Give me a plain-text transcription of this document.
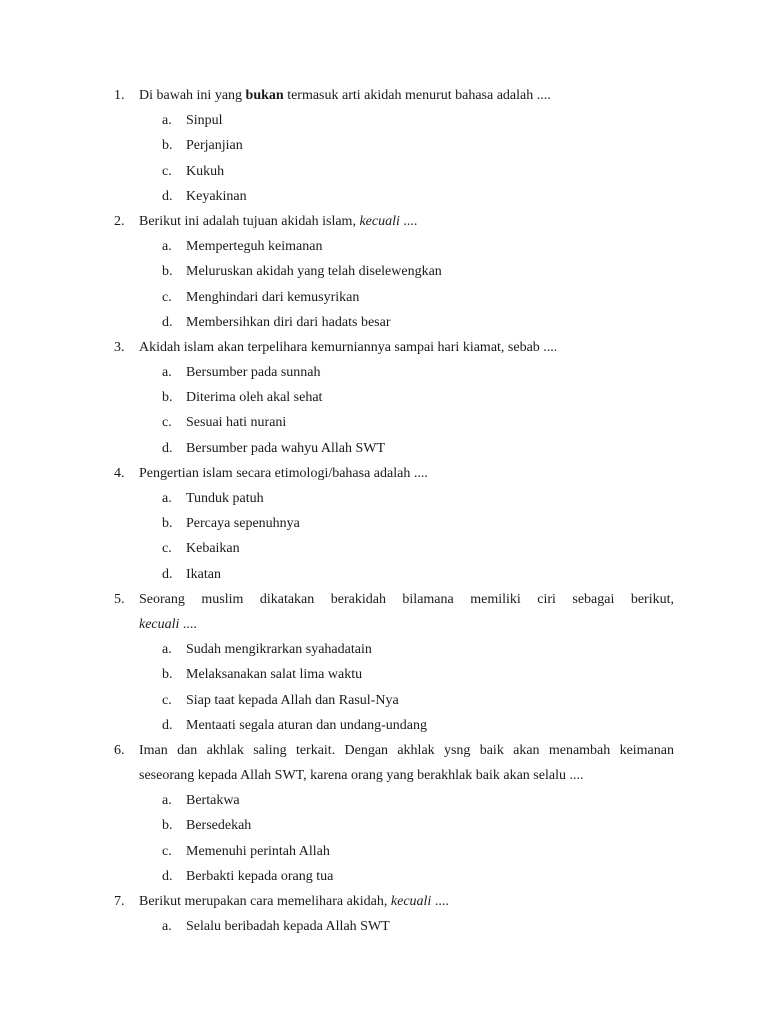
1. Di bawah ini yang bukan termasuk arti akidah menurut bahasa adalah ....
a. Sinpul
b. Perjanjian
c. Kukuh
d. Keyakinan
2. Berikut ini adalah tujuan akidah islam, kecuali ....
a. Memperteguh keimanan
b. Meluruskan akidah yang telah diselewengkan
c. Menghindari dari kemusyrikan
d. Membersihkan diri dari hadats besar
3. Akidah islam akan terpelihara kemurniannya sampai hari kiamat, sebab ....
a. Bersumber pada sunnah
b. Diterima oleh akal sehat
c. Sesuai hati nurani
d. Bersumber pada wahyu Allah SWT
4. Pengertian islam secara etimologi/bahasa adalah ....
a. Tunduk patuh
b. Percaya sepenuhnya
c. Kebaikan
d. Ikatan
5. Seorang muslim dikatakan berakidah bilamana memiliki ciri sebagai berikut,
kecuali ....
a. Sudah mengikrarkan syahadatain
b. Melaksanakan salat lima waktu
c. Siap taat kepada Allah dan Rasul-Nya
d. Mentaati segala aturan dan undang-undang
6. Iman dan akhlak saling terkait. Dengan akhlak ysng baik akan menambah keimanan
seseorang kepada Allah SWT, karena orang yang berakhlak baik akan selalu ....
a. Bertakwa
b. Bersedekah
c. Memenuhi perintah Allah
d. Berbakti kepada orang tua
7. Berikut merupakan cara memelihara akidah, kecuali ....
a. Selalu beribadah kepada Allah SWT
